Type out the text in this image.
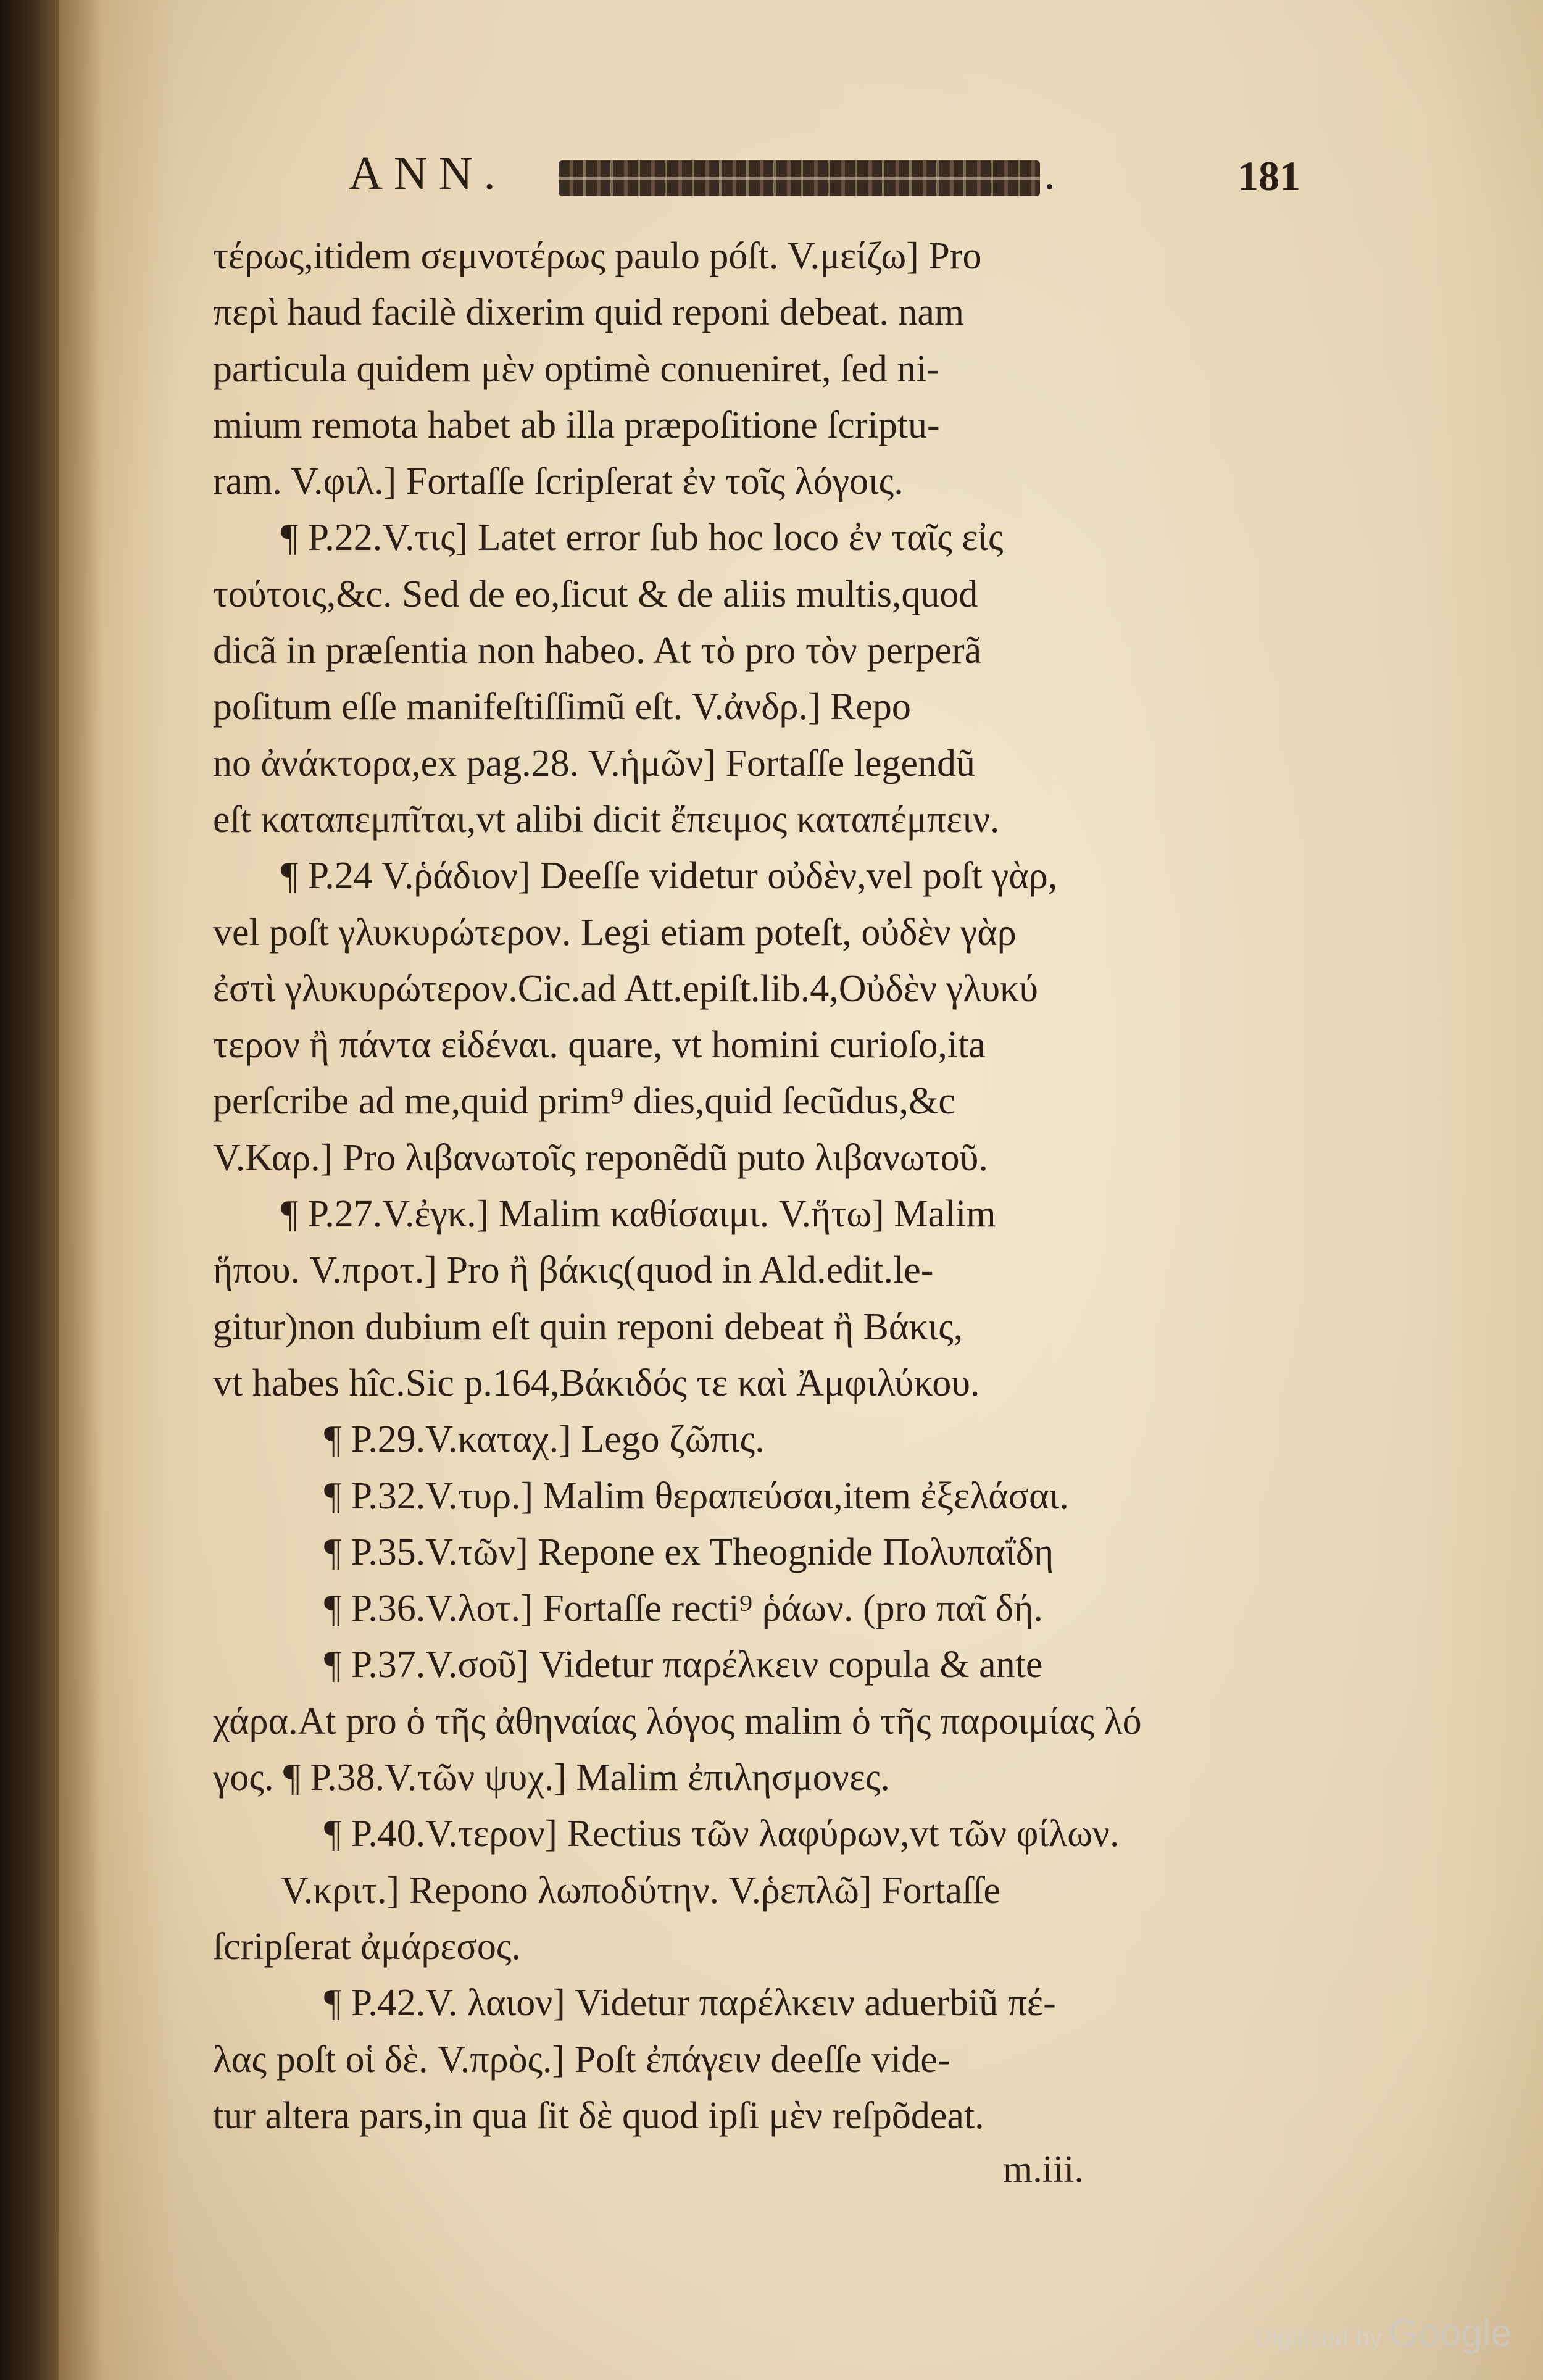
ANN.	.	181
τέρως,itidem σεμνοτέρως paulo póſt. V.μείζω] Pro
περὶ haud facilè dixerim quid reponi debeat. nam
particula quidem μὲν optimè conueniret, ſed ni-
mium remota habet ab illa præpoſitione ſcriptu-
ram. V.φιλ.] Fortaſſe ſcripſerat ἐν τοῖς λόγοις.
¶ P.22.V.τις] Latet error ſub hoc loco ἐν ταῖς εἰς
τούτοις,&c. Sed de eo,ſicut & de aliis multis,quod
dicã in præſentia non habeo. At τὸ pro τὸν perperã
poſitum eſſe manifeſtiſſimũ eſt. V.ἀνδρ.] Repo
no ἀνάκτορα,ex pag.28. V.ἡμῶν] Fortaſſe legendũ
eſt καταπεμπῖται,vt alibi dicit ἔπειμος καταπέμπειν.
¶ P.24 V.ῥάδιον] Deeſſe videtur οὐδὲν,vel poſt γὰρ,
vel poſt γλυκυρώτερον. Legi etiam poteſt, οὐδὲν γὰρ
ἐστὶ γλυκυρώτερον.Cic.ad Att.epiſt.lib.4,Οὐδὲν γλυκύ
τερον ἢ πάντα εἰδέναι. quare, vt homini curioſo,ita
perſcribe ad me,quid prim⁹ dies,quid ſecũdus,&c
V.Καρ.] Pro λιβανωτοῖς reponẽdũ puto λιβανωτοῦ.
¶ P.27.V.ἐγκ.] Malim καθίσαιμι. V.ἥτω] Malim
ἥπου. V.προτ.] Pro ἢ βάκις(quod in Ald.edit.le-
gitur)non dubium eſt quin reponi debeat ἢ Βάκις,
vt habes hîc.Sic p.164,Βάκιδός τε καὶ Ἀμφιλύκου.
¶ P.29.V.καταχ.] Lego ζῶπις.
¶ P.32.V.τυρ.] Malim θεραπεύσαι,item ἐξελάσαι.
¶ P.35.V.τῶν] Repone ex Theognide Πολυπαΐδη
¶ P.36.V.λοτ.] Fortaſſe recti⁹ ῥάων. (pro παῖ δή.
¶ P.37.V.σοῦ] Videtur παρέλκειν copula & ante
χάρα.At pro ὁ τῆς ἀθηναίας λόγος malim ὁ τῆς παροιμίας λό
γος. ¶ P.38.V.τῶν ψυχ.] Malim ἐπιλησμονες.
¶ P.40.V.τερον] Rectius τῶν λαφύρων,vt τῶν φίλων.
V.κριτ.] Repono λωποδύτην. V.ῥεπλῶ] Fortaſſe
ſcripſerat ἀμάρεσος.
¶ P.42.V. λαιον] Videtur παρέλκειν aduerbiũ πέ-
λας poſt οἱ δὲ. V.πρὸς.] Poſt ἐπάγειν deeſſe vide-
tur altera pars,in qua ſit δὲ quod ipſi μὲν reſpõdeat.
m.iii.
Digitized by Google
